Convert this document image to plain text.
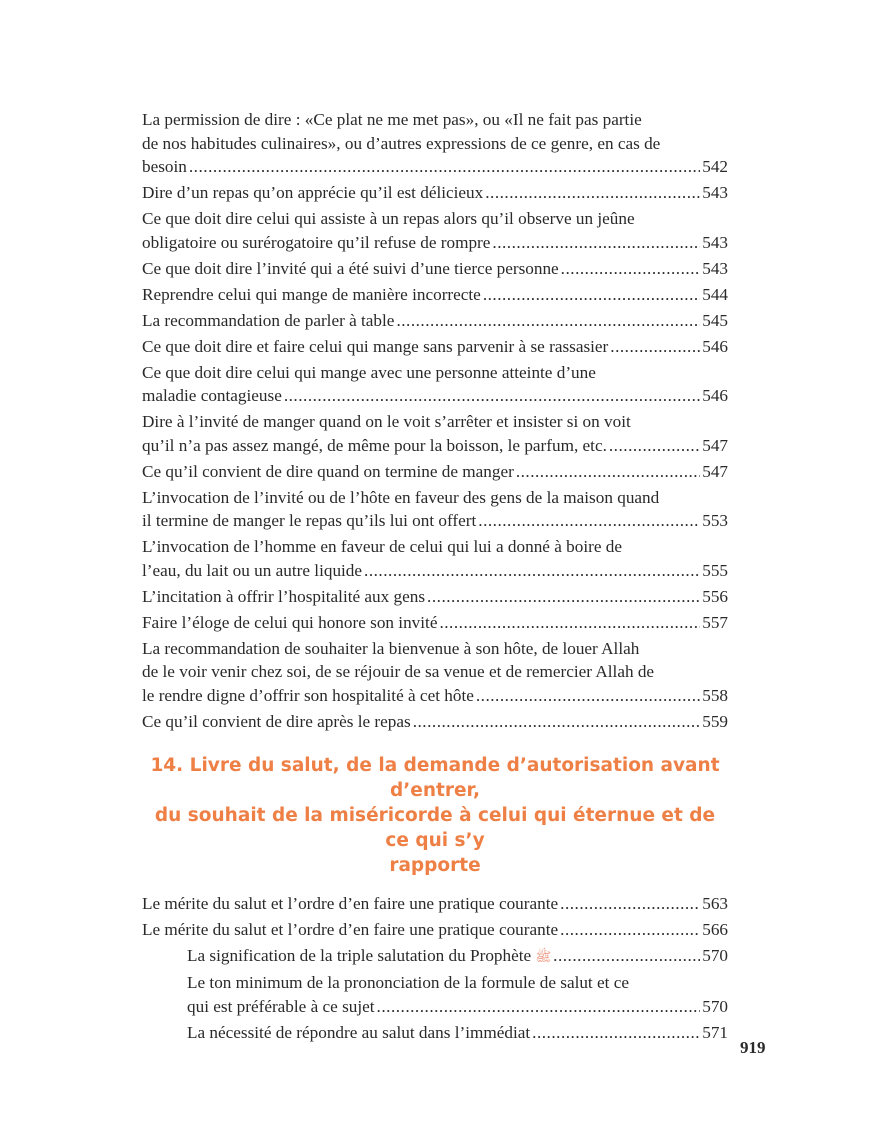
La permission de dire : «Ce plat ne me met pas», ou «Il ne fait pas partie
de nos habitudes culinaires», ou d’autres expressions de ce genre, en cas de
besoin .....	542
Dire d’un repas qu’on apprécie qu’il est délicieux .....	543
Ce que doit dire celui qui assiste à un repas alors qu’il observe un jeûne
obligatoire ou surérogatoire qu’il refuse de rompre .....	543
Ce que doit dire l’invité qui a été suivi d’une tierce personne .....	543
Reprendre celui qui mange de manière incorrecte .....	544
La recommandation de parler à table .....	545
Ce que doit dire et faire celui qui mange sans parvenir à se rassasier .....	546
Ce que doit dire celui qui mange avec une personne atteinte d’une
maladie contagieuse .....	546
Dire à l’invité de manger quand on le voit s’arrêter et insister si on voit
qu’il n’a pas assez mangé, de même pour la boisson, le parfum, etc. .....	547
Ce qu’il convient de dire quand on termine de manger .....	547
L’invocation de l’invité ou de l’hôte en faveur des gens de la maison quand
il termine de manger le repas qu’ils lui ont offert .....	553
L’invocation de l’homme en faveur de celui qui lui a donné à boire de
l’eau, du lait ou un autre liquide .....	555
L’incitation à offrir l’hospitalité aux gens .....	556
Faire l’éloge de celui qui honore son invité .....	557
La recommandation de souhaiter la bienvenue à son hôte, de louer Allah
de le voir venir chez soi, de se réjouir de sa venue et de remercier Allah de
le rendre digne d’offrir son hospitalité à cet hôte .....	558
Ce qu’il convient de dire après le repas .....	559
14. Livre du salut, de la demande d’autorisation avant d’entrer,
du souhait de la miséricorde à celui qui éternue et de ce qui s’y
rapporte
Le mérite du salut et l’ordre d’en faire une pratique courante .....	563
Le mérite du salut et l’ordre d’en faire une pratique courante .....	566
La signification de la triple salutation du Prophète ﷺ .....	570
Le ton minimum de la prononciation de la formule de salut et ce
qui est préférable à ce sujet .....	570
La nécessité de répondre au salut dans l’immédiat .....	571
919
